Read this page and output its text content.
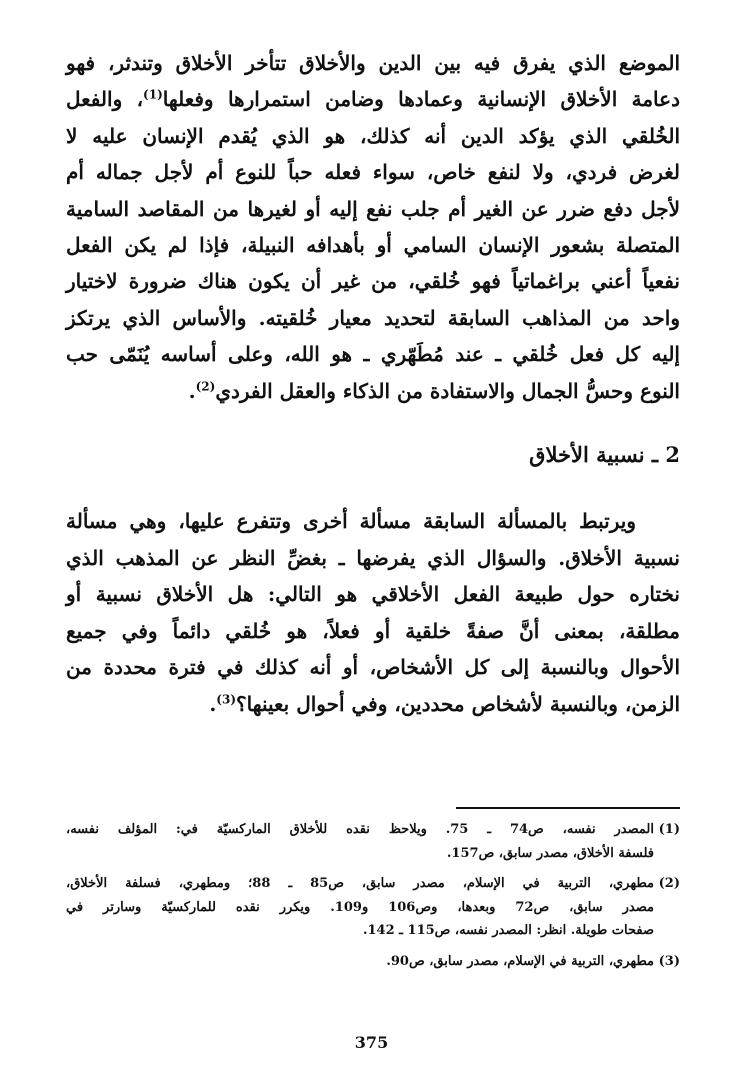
الموضع الذي يفرق فيه بين الدين والأخلاق تتأخر الأخلاق وتندثر، فهو
دعامة الأخلاق الإنسانية وعمادها وضامن استمرارها وفعلها$^{(1)}$، والفعل
الخُلقي الذي يؤكد الدين أنه كذلك، هو الذي يُقدم الإنسان عليه لا
لغرض فردي، ولا لنفع خاص، سواء فعله حباً للنوع أم لأجل جماله أم
لأجل دفع ضرر عن الغير أم جلب نفع إليه أو لغيرها من المقاصد السامية
المتصلة بشعور الإنسان السامي أو بأهدافه النبيلة، فإذا لم يكن الفعل
نفعياً أعني براغماتياً فهو خُلقي، من غير أن يكون هناك ضرورة لاختيار
واحد من المذاهب السابقة لتحديد معيار خُلقيته. والأساس الذي يرتكز
إليه كل فعل خُلقي ـ عند مُطَهّري ـ هو الله، وعلى أساسه يُنَمّى حب
النوع وحسُّ الجمال والاستفادة من الذكاء والعقل الفردي$^{(2)}$.
2 ـ نسبية الأخلاق
ويرتبط بالمسألة السابقة مسألة أخرى وتتفرع عليها، وهي مسألة
نسبية الأخلاق. والسؤال الذي يفرضها ـ بغضِّ النظر عن المذهب الذي
نختاره حول طبيعة الفعل الأخلاقي هو التالي: هل الأخلاق نسبية أو
مطلقة، بمعنى أنَّ صفةً خلقية أو فعلاً، هو خُلقي دائماً وفي جميع
الأحوال وبالنسبة إلى كل الأشخاص، أو أنه كذلك في فترة محددة من
الزمن، وبالنسبة لأشخاص محددين، وفي أحوال بعينها؟$^{(3)}$.
(1)
المصدر نفسه، ص74 ـ 75. ويلاحظ نقده للأخلاق الماركسيّة في: المؤلف نفسه،
فلسفة الأخلاق، مصدر سابق، ص157.
(2)
مطهري، التربية في الإسلام، مصدر سابق، ص85 ـ 88؛ ومطهري، فسلفة الأخلاق،
مصدر سابق، ص72 وبعدها، وص106 و109. ويكرر نقده للماركسيّة وسارتر في
صفحات طويلة. انظر: المصدر نفسه، ص115 ـ 142.
(3)
مطهري، التربية في الإسلام، مصدر سابق، ص90.
375
